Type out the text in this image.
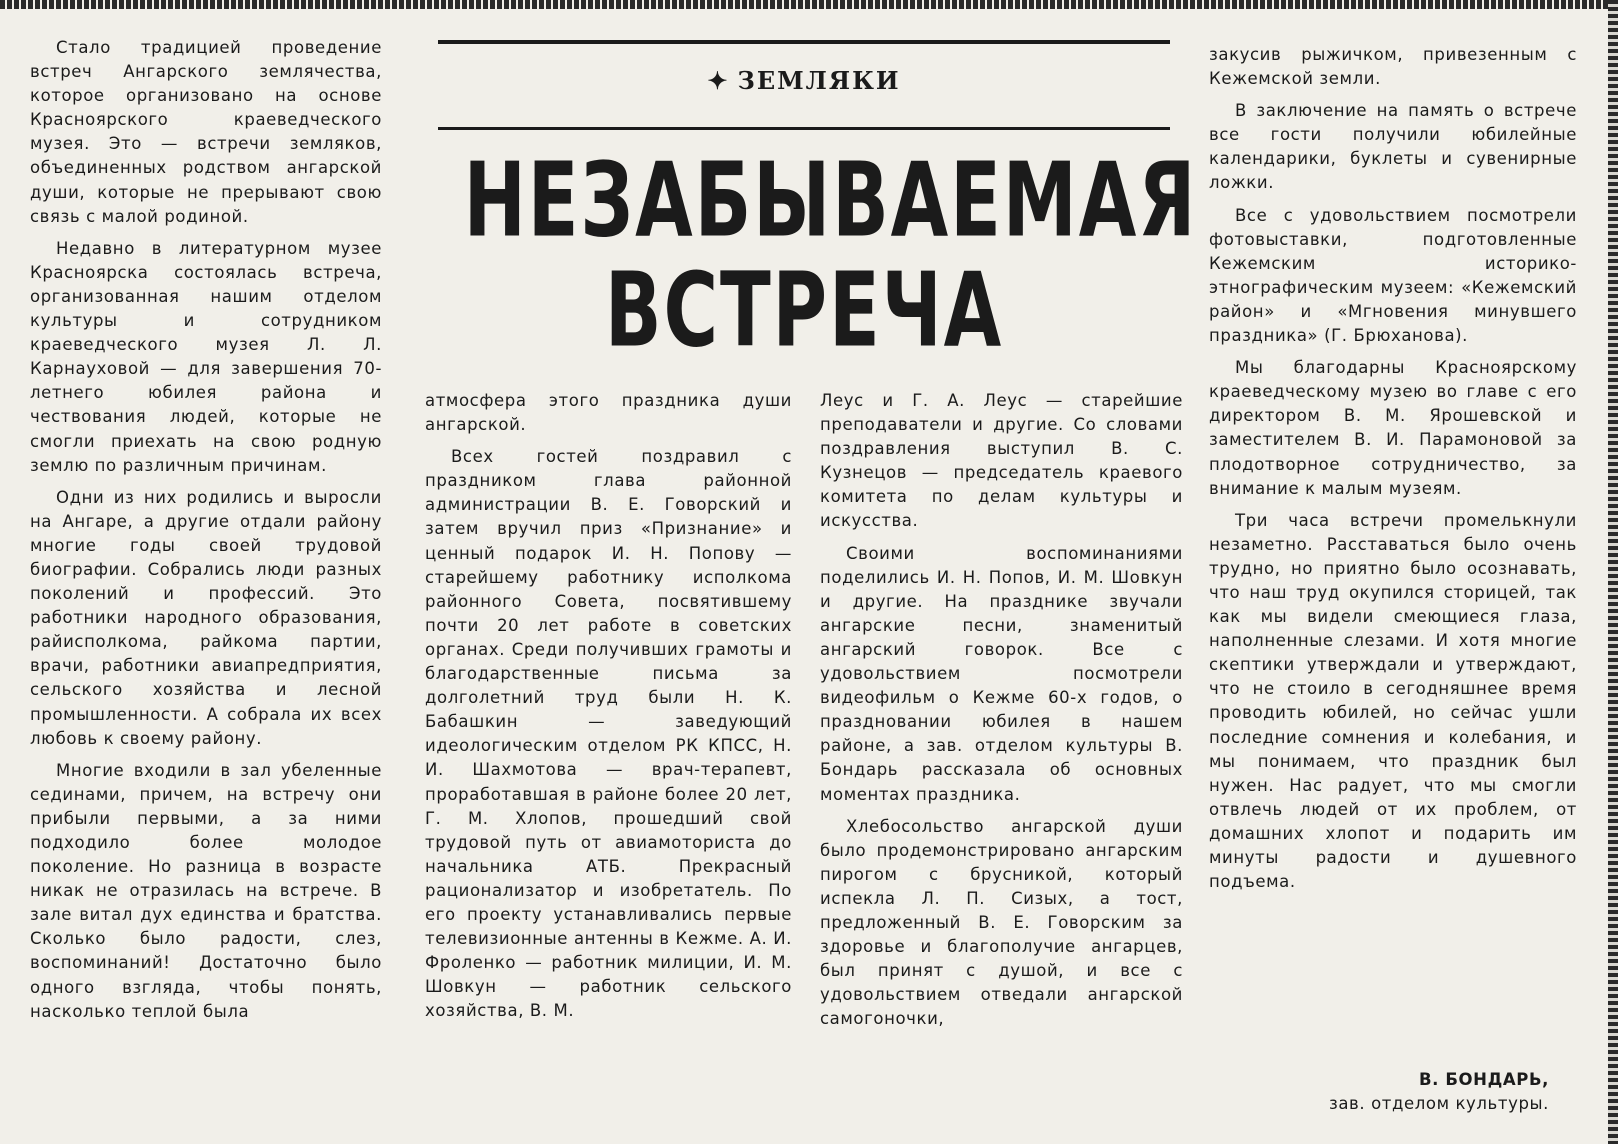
Стало традицией проведение встреч Ангарского землячества, которое организовано на основе Красноярского краеведческого музея. Это — встречи земляков, объединенных родством ангарской души, которые не прерывают свою связь с малой родиной.

Недавно в литературном музее Красноярска состоялась встреча, организованная нашим отделом культуры и сотрудником краеведческого музея Л. Л. Карнауховой — для завершения 70-летнего юбилея района и чествования людей, которые не смогли приехать на свою родную землю по различным причинам.

Одни из них родились и выросли на Ангаре, а другие отдали району многие годы своей трудовой биографии. Собрались люди разных поколений и профессий. Это работники народного образования, райисполкома, райкома партии, врачи, работники авиапредприятия, сельского хозяйства и лесной промышленности. А собрала их всех любовь к своему району.

Многие входили в зал убеленные сединами, причем, на встречу они прибыли первыми, а за ними подходило более молодое поколение. Но разница в возрасте никак не отразилась на встрече. В зале витал дух единства и братства. Сколько было радости, слез, воспоминаний! Достаточно было одного взгляда, чтобы понять, насколько теплой была

✦ ЗЕМЛЯКИ
НЕЗАБЫВАЕМАЯ
ВСТРЕЧА

атмосфера этого праздника души ангарской.

Всех гостей поздравил с праздником глава районной администрации В. Е. Говорский и затем вручил приз «Признание» и ценный подарок И. Н. Попову — старейшему работнику исполкома районного Совета, посвятившему почти 20 лет работе в советских органах. Среди получивших грамоты и благодарственные письма за долголетний труд были Н. К. Бабашкин — заведующий идеологическим отделом РК КПСС, Н. И. Шахмотова — врач-терапевт, проработавшая в районе более 20 лет, Г. М. Хлопов, прошедший свой трудовой путь от авиамоториста до начальника АТБ. Прекрасный рационализатор и изобретатель. По его проекту устанавливались первые телевизионные антенны в Кежме. А. И. Фроленко — работник милиции, И. М. Шовкун — работник сельского хозяйства, В. М.

Леус и Г. А. Леус — старейшие преподаватели и другие. Со словами поздравления выступил В. С. Кузнецов — председатель краевого комитета по делам культуры и искусства.

Своими воспоминаниями поделились И. Н. Попов, И. М. Шовкун и другие. На празднике звучали ангарские песни, знаменитый ангарский говорок. Все с удовольствием посмотрели видеофильм о Кежме 60-х годов, о праздновании юбилея в нашем районе, а зав. отделом культуры В. Бондарь рассказала об основных моментах праздника.

Хлебосольство ангарской души было продемонстрировано ангарским пирогом с брусникой, который испекла Л. П. Сизых, а тост, предложенный В. Е. Говорским за здоровье и благополучие ангарцев, был принят с душой, и все с удовольствием отведали ангарской самогоночки,

закусив рыжичком, привезенным с Кежемской земли.

В заключение на память о встрече все гости получили юбилейные календарики, буклеты и сувенирные ложки.

Все с удовольствием посмотрели фотовыставки, подготовленные Кежемским историко-этнографическим музеем: «Кежемский район» и «Мгновения минувшего праздника» (Г. Брюханова).

Мы благодарны Красноярскому краеведческому музею во главе с его директором В. М. Ярошевской и заместителем В. И. Парамоновой за плодотворное сотрудничество, за внимание к малым музеям.

Три часа встречи промелькнули незаметно. Расставаться было очень трудно, но приятно было осознавать, что наш труд окупился сторицей, так как мы видели смеющиеся глаза, наполненные слезами. И хотя многие скептики утверждали и утверждают, что не стоило в сегодняшнее время проводить юбилей, но сейчас ушли последние сомнения и колебания, и мы понимаем, что праздник был нужен. Нас радует, что мы смогли отвлечь людей от их проблем, от домашних хлопот и подарить им минуты радости и душевного подъема.

В. БОНДАРЬ,
зав. отделом культуры.
